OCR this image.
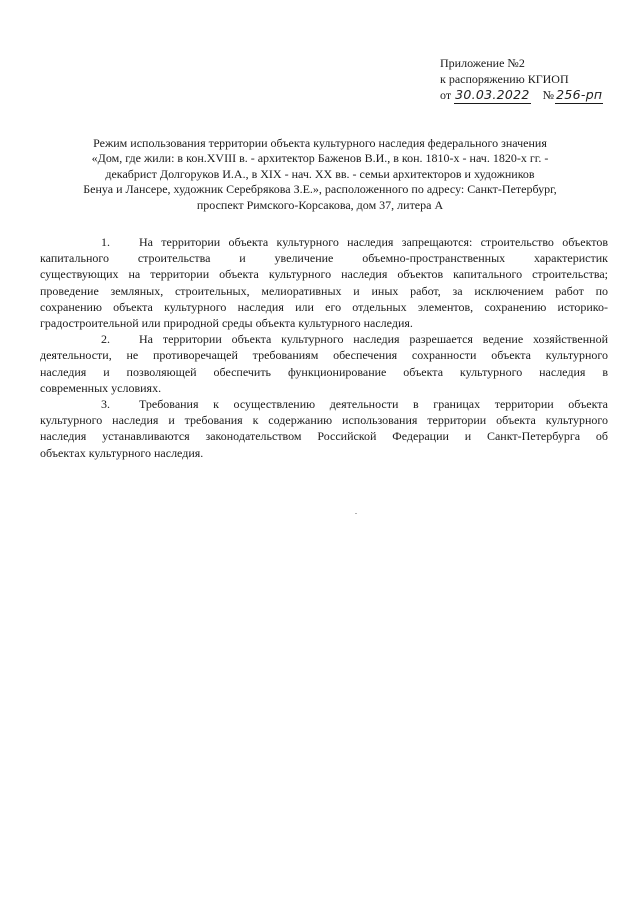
Приложение №2
к распоряжению КГИОП
от 30.03.2022 № 256-рп
Режим использования территории объекта культурного наследия федерального значения
«Дом, где жили: в кон.XVIII в. - архитектор Баженов В.И., в кон. 1810-х - нач. 1820-х гг. -
декабрист Долгоруков И.А., в XIX - нач. XX вв. - семьи архитекторов и художников
Бенуа и Лансере, художник Серебрякова З.Е.», расположенного по адресу: Санкт-Петербург,
проспект Римского-Корсакова, дом 37, литера А
1. На территории объекта культурного наследия запрещаются: строительство объектов
капитального строительства и увеличение объемно-пространственных характеристик
существующих на территории объекта культурного наследия объектов капитального строительства;
проведение земляных, строительных, мелиоративных и иных работ, за исключением работ по
сохранению объекта культурного наследия или его отдельных элементов, сохранению историко-
градостроительной или природной среды объекта культурного наследия.
2. На территории объекта культурного наследия разрешается ведение хозяйственной
деятельности, не противоречащей требованиям обеспечения сохранности объекта культурного
наследия и позволяющей обеспечить функционирование объекта культурного наследия в
современных условиях.
3. Требования к осуществлению деятельности в границах территории объекта
культурного наследия и требования к содержанию использования территории объекта культурного
наследия устанавливаются законодательством Российской Федерации и Санкт-Петербурга об
объектах культурного наследия.
